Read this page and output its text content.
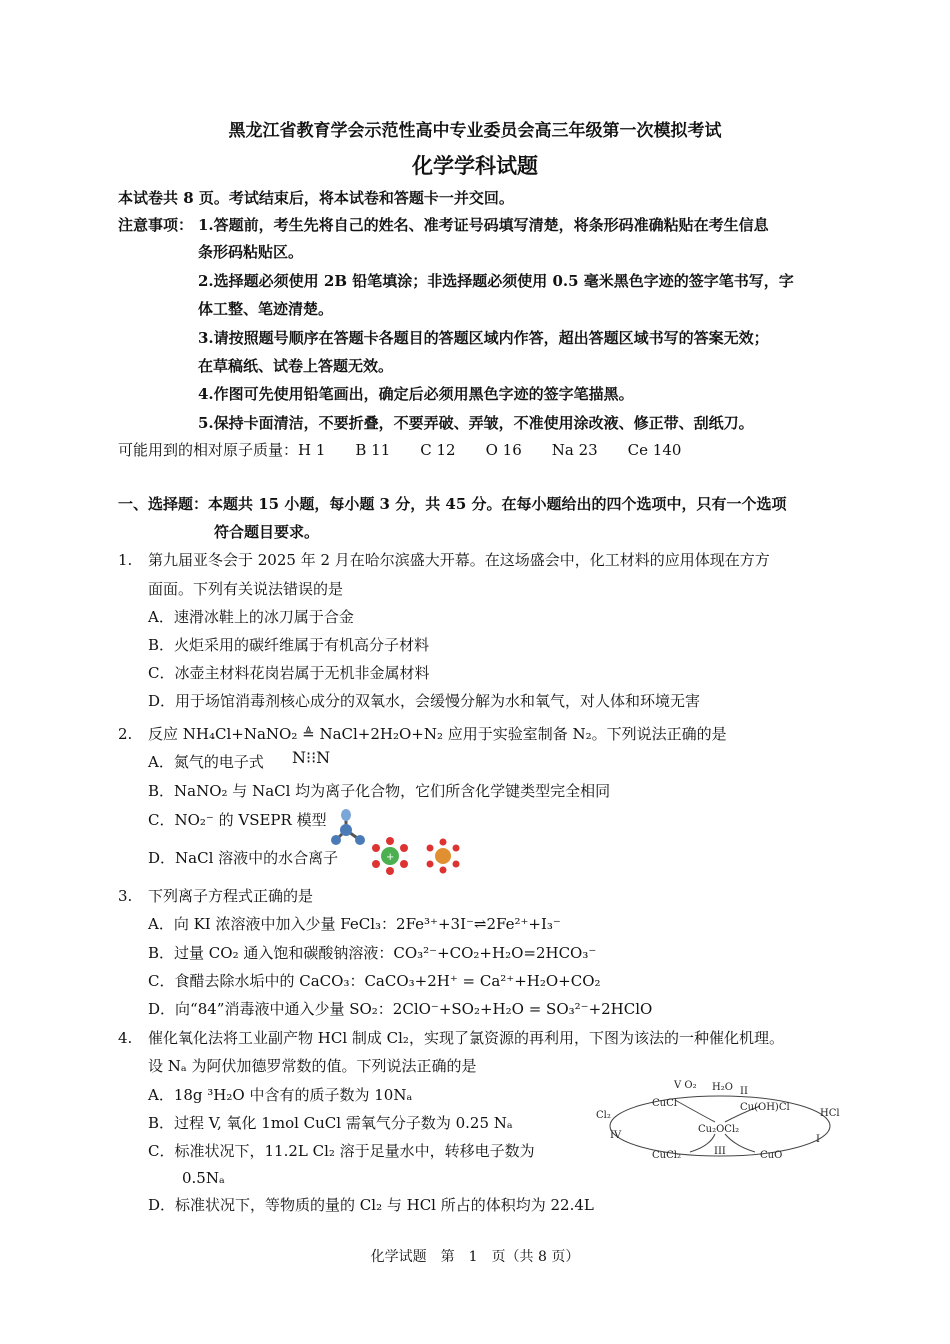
黑龙江省教育学会示范性高中专业委员会高三年级第一次模拟考试
化学学科试题
本试卷共 8 页。考试结束后，将本试卷和答题卡一并交回。
注意事项： 1.答题前，考生先将自己的姓名、准考证号码填写清楚，将条形码准确粘贴在考生信息
条形码粘贴区。
2.选择题必须使用 2B 铅笔填涂；非选择题必须使用 0.5 毫米黑色字迹的签字笔书写，字
体工整、笔迹清楚。
3.请按照题号顺序在答题卡各题目的答题区域内作答，超出答题区域书写的答案无效；
在草稿纸、试卷上答题无效。
4.作图可先使用铅笔画出，确定后必须用黑色字迹的签字笔描黑。
5.保持卡面清洁，不要折叠，不要弄破、弄皱，不准使用涂改液、修正带、刮纸刀。
可能用到的相对原子质量：H 1　　B 11　　C 12　　O 16　　Na 23　　Ce 140
一、选择题：本题共 15 小题，每小题 3 分，共 45 分。在每小题给出的四个选项中，只有一个选项
符合题目要求。
1. 第九届亚冬会于 2025 年 2 月在哈尔滨盛大开幕。在这场盛会中，化工材料的应用体现在方方
面面。下列有关说法错误的是
A．速滑冰鞋上的冰刀属于合金
B．火炬采用的碳纤维属于有机高分子材料
C．冰壶主材料花岗岩属于无机非金属材料
D．用于场馆消毒剂核心成分的双氧水，会缓慢分解为水和氧气，对人体和环境无害
2. 反应 NH₄Cl+NaNO₂ ≜ NaCl+2H₂O+N₂ 应用于实验室制备 N₂。下列说法正确的是
A．氮气的电子式 N⁝⁝N
B．NaNO₂ 与 NaCl 均为离子化合物，它们所含化学键类型完全相同
C．NO₂⁻ 的 VSEPR 模型
D．NaCl 溶液中的水合离子	+
3. 下列离子方程式正确的是
A．向 KI 浓溶液中加入少量 FeCl₃：2Fe³⁺+3I⁻⇌2Fe²⁺+I₃⁻
B．过量 CO₂ 通入饱和碳酸钠溶液：CO₃²⁻+CO₂+H₂O=2HCO₃⁻
C．食醋去除水垢中的 CaCO₃：CaCO₃+2H⁺ = Ca²⁺+H₂O+CO₂
D．向“84”消毒液中通入少量 SO₂：2ClO⁻+SO₂+H₂O = SO₃²⁻+2HClO
4. 催化氧化法将工业副产物 HCl 制成 Cl₂，实现了氯资源的再利用，下图为该法的一种催化机理。
设 Nₐ 为阿伏加德罗常数的值。下列说法正确的是
A．18g ³H₂O 中含有的质子数为 10Nₐ
B．过程 V, 氧化 1mol CuCl 需氧气分子数为 0.25 Nₐ
C．标准状况下，11.2L Cl₂ 溶于足量水中，转移电子数为
0.5Nₐ
D．标准状况下，等物质的量的 Cl₂ 与 HCl 所占的体积均为 22.4L
CuCl	Cu(OH)Cl
Cu₂OCl₂
CuCl₂	CuO
Cl₂	HCl
V O₂ H₂O
I
II
III
IV
化学试题　第　1　页（共 8 页）
